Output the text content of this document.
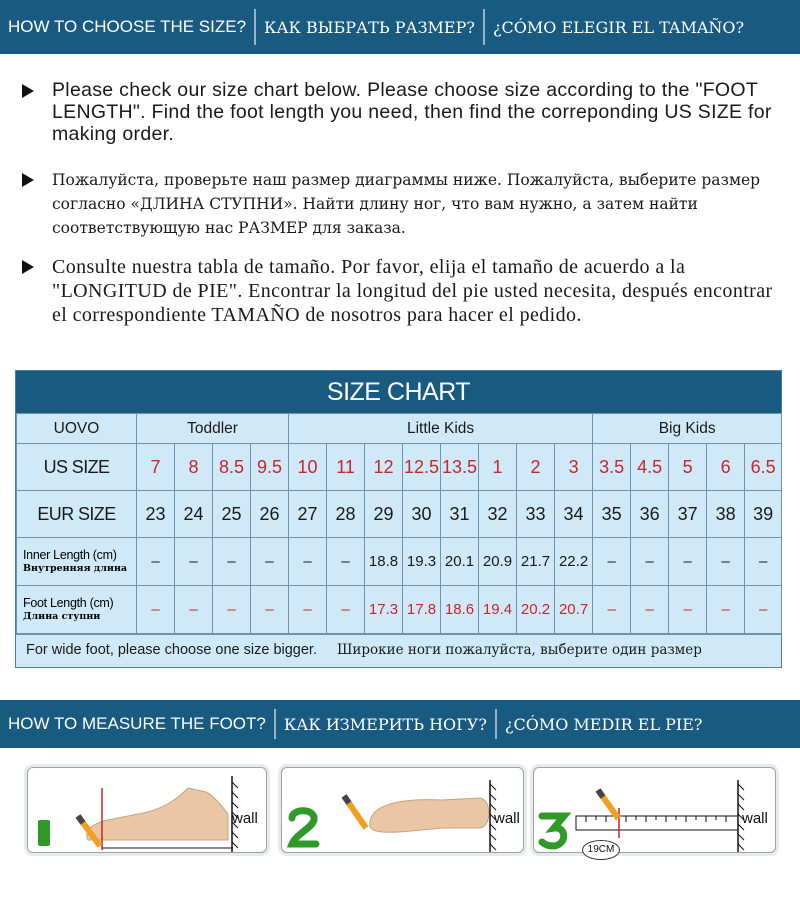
HOW TO CHOOSE THE SIZE?	КАК ВЫБРАТЬ РАЗМЕР?	¿CÓMO ELEGIR EL TAMAÑO?
Please check our size chart below. Please choose size according to the "FOOT LENGTH". Find the foot length you need, then find the correponding US SIZE for making order.
Пожалуйста, проверьте наш размер диаграммы ниже. Пожалуйста, выберите размер согласно «ДЛИНА СТУПНИ». Найти длину ног, что вам нужно, а затем найти соответствующую нас РАЗМЕР для заказа.
Consulte nuestra tabla de tamaño. Por favor, elija el tamaño de acuerdo a la "LONGITUD de PIE". Encontrar la longitud del pie usted necesita, después encontrar el correspondiente TAMAÑO de nosotros para hacer el pedido.
SIZE CHART
UOVO	Toddler				Little Kids								Big Kids				
US SIZE	7	8	8.5	9.5	10	11	12	12.5	13.5	1	2	3	3.5	4.5	5	6	6.5
EUR SIZE	23	24	25	26	27	28	29	30	31	32	33	34	35	36	37	38	39

Inner Length (cm)
Внутренняя длина	–	–	–	–	–	–	18.8	19.3	20.1	20.9	21.7	22.2	–	–	–	–	–

Foot Length (cm)
Длина ступни	–	–	–	–	–	–	17.3	17.8	18.6	19.4	20.2	20.7	–	–	–	–	–
For wide foot, please choose one size bigger. Широкие ноги пожалуйста, выберите один размер
HOW TO MEASURE THE FOOT?	КАК ИЗМЕРИТЬ НОГУ?	¿CÓMO MEDIR EL PIE?
wall	wall	wall
19CM
